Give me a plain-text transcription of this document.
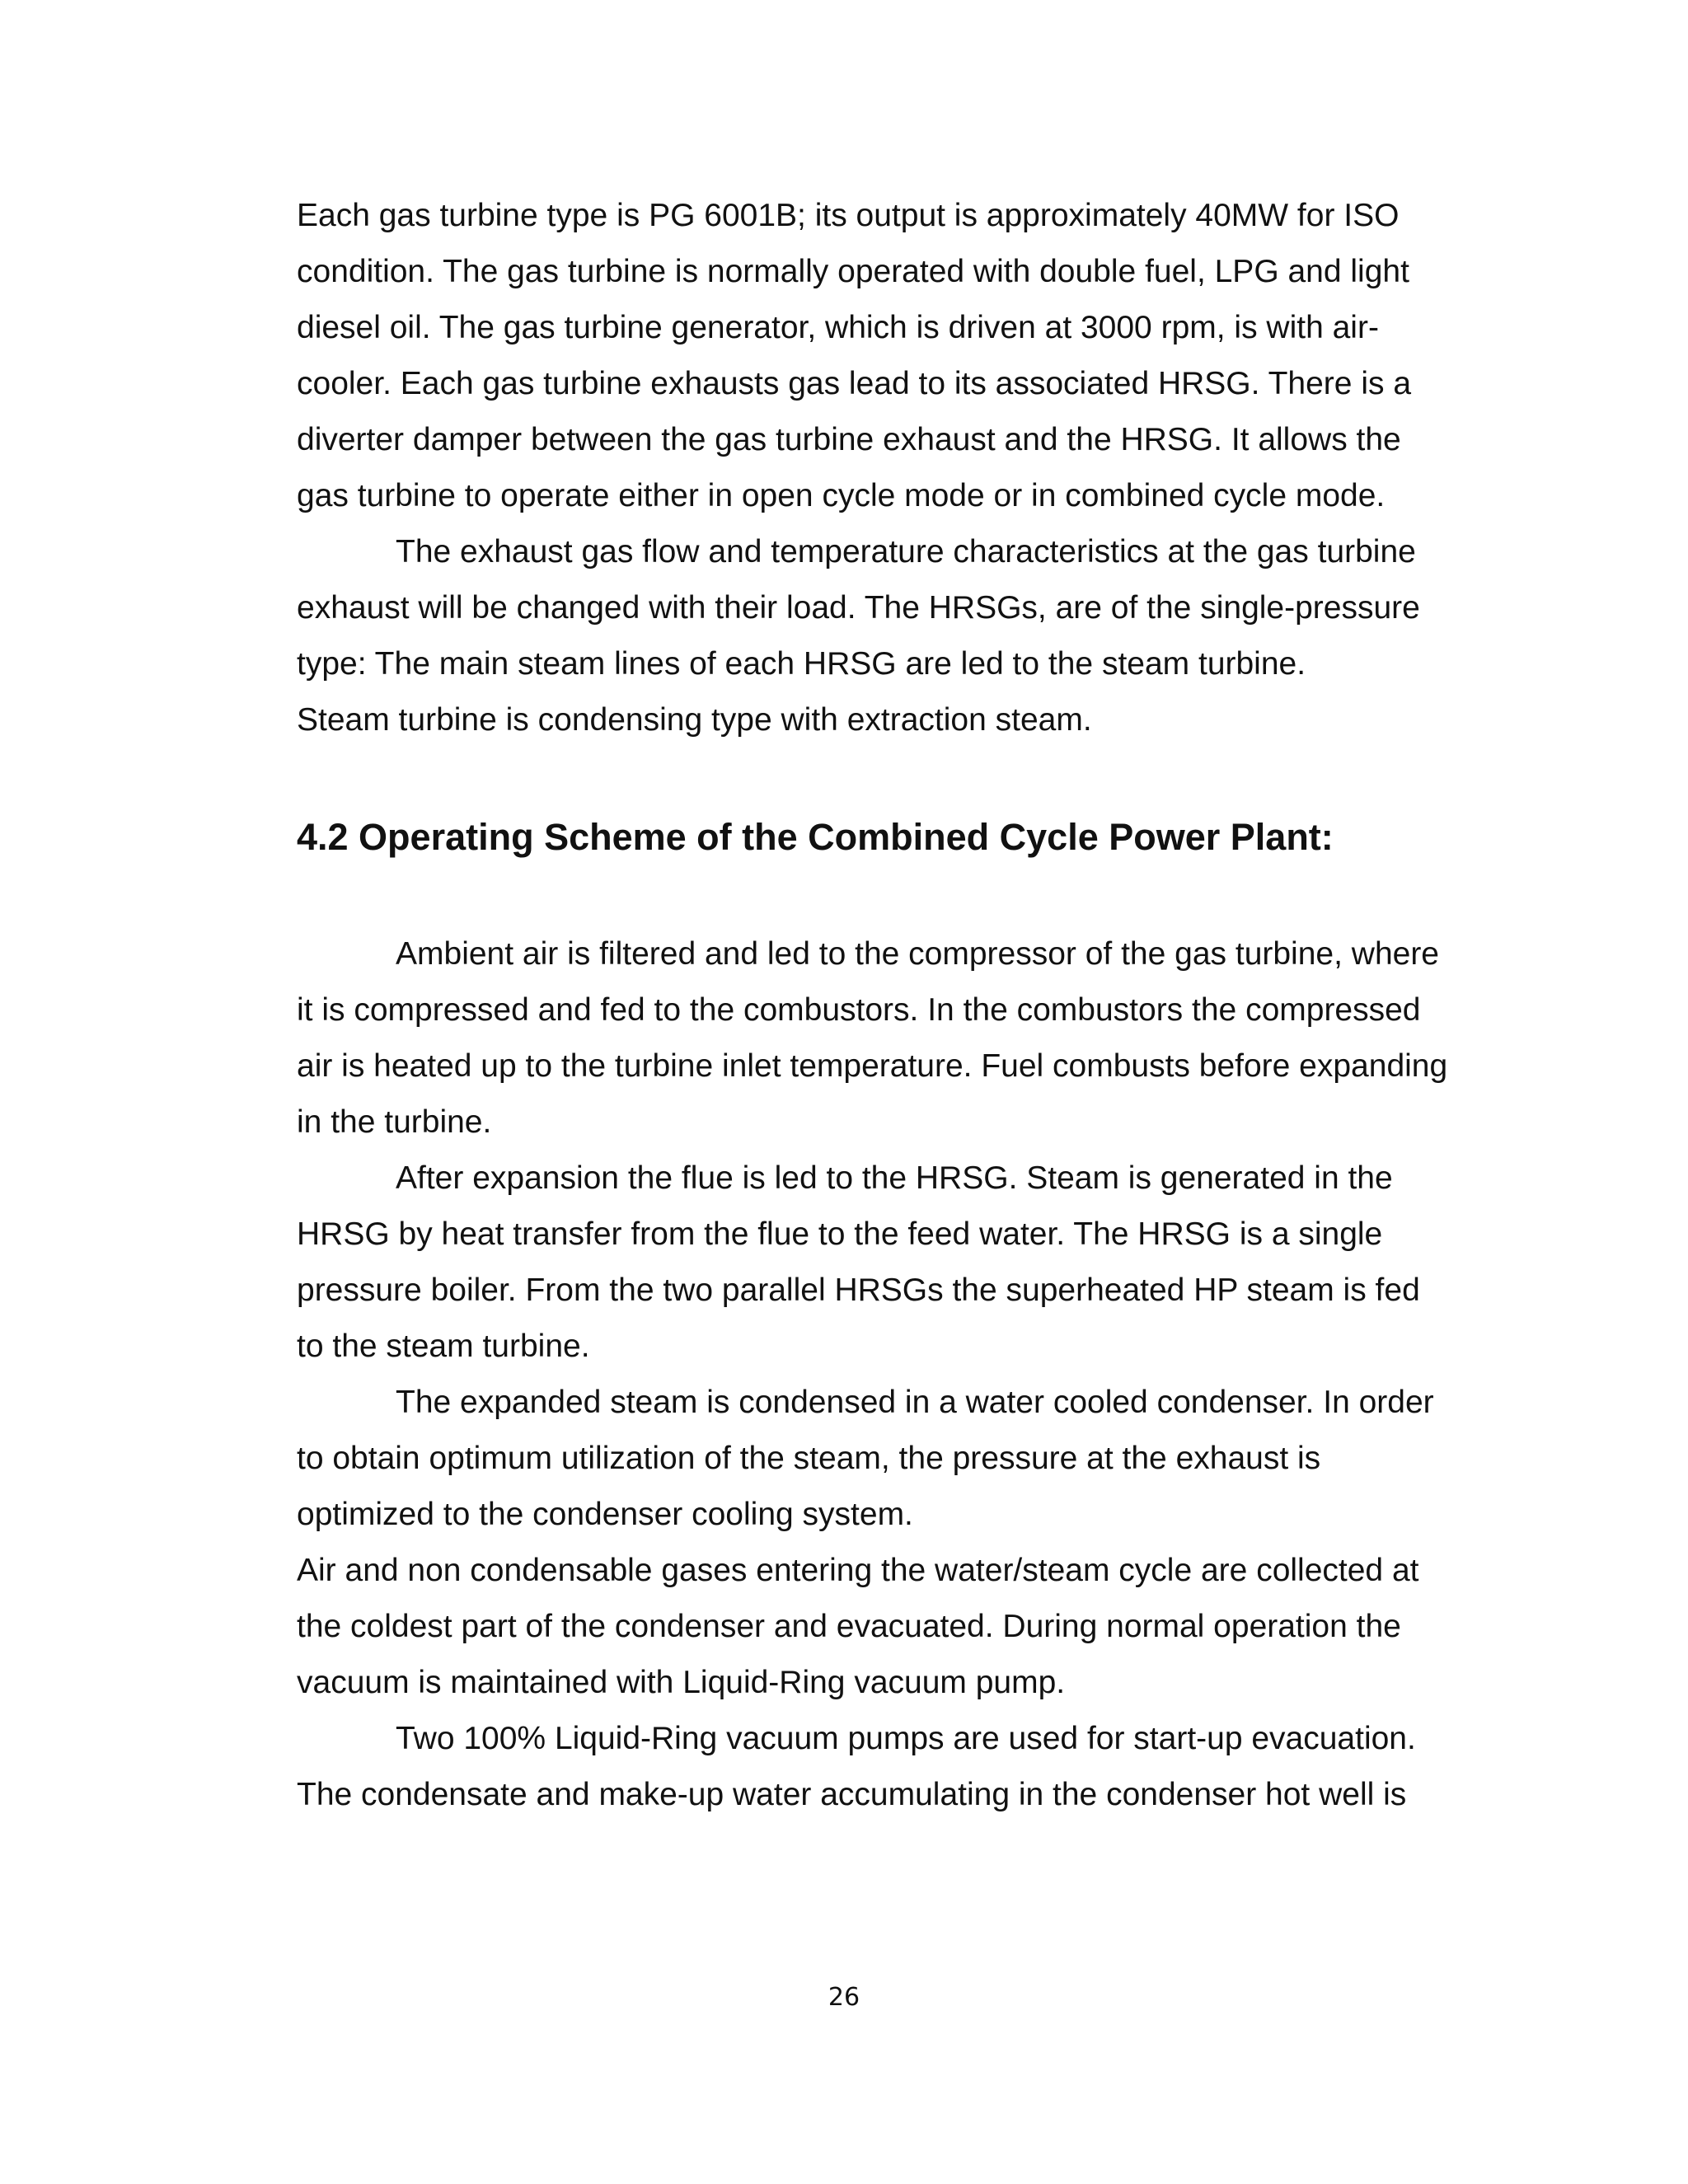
Each gas turbine type is PG 6001B; its output is approximately 40MW for ISO

condition. The gas turbine is normally operated with double fuel, LPG and light

diesel oil. The gas turbine generator, which is driven at 3000 rpm, is with air-

cooler. Each gas turbine exhausts gas lead to its associated HRSG. There is a

diverter damper between the gas turbine exhaust and the HRSG. It allows the

gas turbine to operate either in open cycle mode or in combined cycle mode.

The exhaust gas flow and temperature characteristics at the gas turbine

exhaust will be changed with their load. The HRSGs, are of the single-pressure

type: The main steam lines of each HRSG are led to the steam turbine.

Steam turbine is condensing type with extraction steam.

4.2 Operating Scheme of the Combined Cycle Power Plant:

Ambient air is filtered and led to the compressor of the gas turbine, where

it is compressed and fed to the combustors. In the combustors the compressed

air is heated up to the turbine inlet temperature. Fuel combusts before expanding

in the turbine.

After expansion the flue is led to the HRSG. Steam is generated in the

HRSG by heat transfer from the flue to the feed water. The HRSG is a single

pressure boiler. From the two parallel HRSGs the superheated HP steam is fed

to the steam turbine.

The expanded steam is condensed in a water cooled condenser. In order

to obtain optimum utilization of the steam, the pressure at the exhaust is

optimized to the condenser cooling system.

Air and non condensable gases entering the water/steam cycle are collected at

the coldest part of the condenser and evacuated. During normal operation the

vacuum is maintained with Liquid-Ring vacuum pump.

Two 100% Liquid-Ring vacuum pumps are used for start-up evacuation.

The condensate and make-up water accumulating in the condenser hot well is

26
